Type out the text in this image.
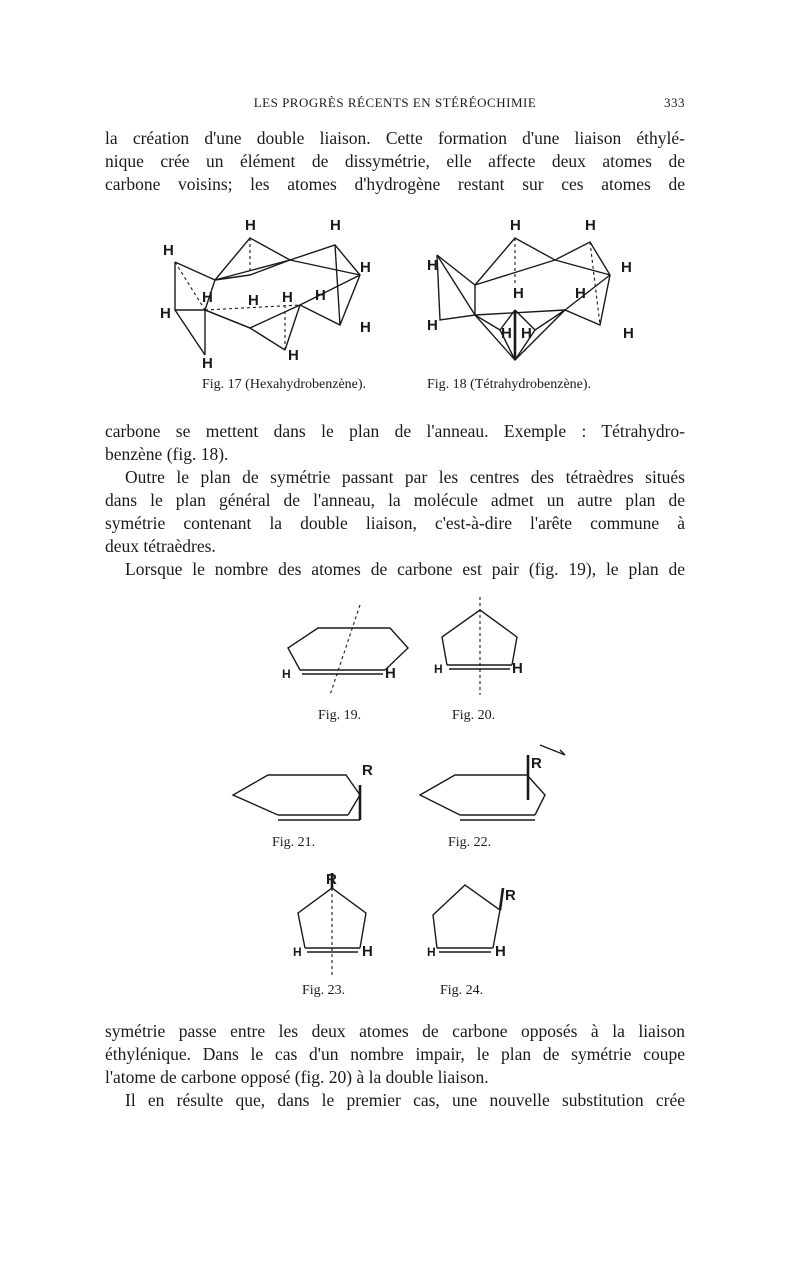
LES PROGRÈS RÉCENTS EN STÉRÉOCHIMIE	333
la création d'une double liaison. Cette formation d'une liaison éthylé-
nique crée un élément de dissymétrie, elle affecte deux atomes de
carbone voisins; les atomes d'hydrogène restant sur ces atomes de
H
H	H
H
H
H H H H
H
H	H
Fig. 17 (Hexahydrobenzène).
H	H
H	H
H	H
H	H H	H
Fig. 18 (Tétrahydrobenzène).
carbone se mettent dans le plan de l'anneau. Exemple : Tétrahydro-
benzène (fig. 18).
Outre le plan de symétrie passant par les centres des tétraèdres situés
dans le plan général de l'anneau, la molécule admet un autre plan de
symétrie contenant la double liaison, c'est-à-dire l'arête commune à
deux tétraèdres.
Lorsque le nombre des atomes de carbone est pair (fig. 19), le plan de
H	H
Fig. 19.
H	H
Fig. 20.
R
Fig. 21.
R
Fig. 22.
R
H	H
Fig. 23.
R
H	H
Fig. 24.
symétrie passe entre les deux atomes de carbone opposés à la liaison
éthylénique. Dans le cas d'un nombre impair, le plan de symétrie coupe
l'atome de carbone opposé (fig. 20) à la double liaison.
Il en résulte que, dans le premier cas, une nouvelle substitution crée
